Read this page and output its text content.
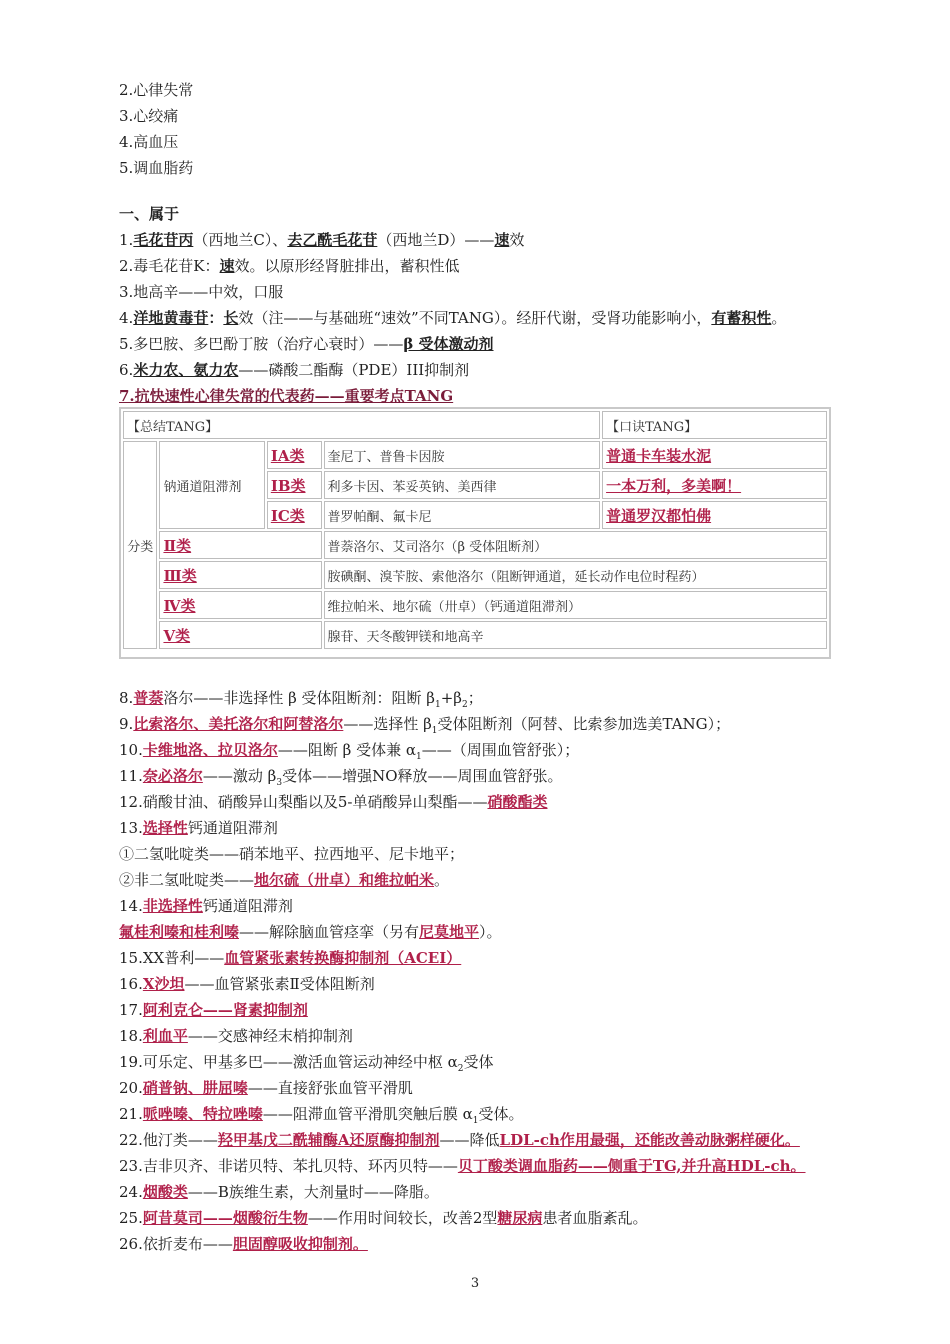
2.心律失常
3.心绞痛
4.高血压
5.调血脂药
一、属于
1.毛花苷丙（西地兰C）、去乙酰毛花苷（西地兰D）——速效
2.毒毛花苷K：速效。以原形经肾脏排出，蓄积性低
3.地高辛——中效，口服
4.洋地黄毒苷：长效（注——与基础班“速效”不同TANG）。经肝代谢，受肾功能影响小，有蓄积性。
5.多巴胺、多巴酚丁胺（治疗心衰时）——β 受体激动剂
6.米力农、氨力农——磷酸二酯酶（PDE）III抑制剂
7.抗快速性心律失常的代表药——重要考点TANG
【总结TANG】				【口诀TANG】
分类	钠通道阻滞剂	ⅠA类	奎尼丁、普鲁卡因胺	普通卡车装水泥
		ⅠB类	利多卡因、苯妥英钠、美西律	一本万利，多美啊！
		ⅠC类	普罗帕酮、氟卡尼	普通罗汉都怕佛
	Ⅱ类		普萘洛尔、艾司洛尔（β 受体阻断剂）	
	Ⅲ类		胺碘酮、溴苄胺、索他洛尔（阻断钾通道，延长动作电位时程药）	
	Ⅳ类		维拉帕米、地尔硫（卅卓）（钙通道阻滞剂）	
	Ⅴ类		腺苷、天冬酸钾镁和地高辛	
8.普萘洛尔——非选择性 β 受体阻断剂：阻断 $\beta_1+\beta_2$；
9.比索洛尔、美托洛尔和阿替洛尔——选择性 $\beta_1$受体阻断剂（阿替、比索参加选美TANG）；
10.卡维地洛、拉贝洛尔——阻断 β 受体兼 $\alpha_1——$（周围血管舒张）；
11.奈必洛尔——激动 $\beta_3$受体——增强NO释放——周围血管舒张。
12.硝酸甘油、硝酸异山梨酯以及5-单硝酸异山梨酯——硝酸酯类
13.选择性钙通道阻滞剂
①二氢吡啶类——硝苯地平、拉西地平、尼卡地平；
②非二氢吡啶类——地尔硫（卅卓）和维拉帕米。
14.非选择性钙通道阻滞剂
氟桂利嗪和桂利嗪——解除脑血管痉挛（另有尼莫地平）。
15.XX普利——血管紧张素转换酶抑制剂（ACEI）
16.X沙坦——血管紧张素Ⅱ受体阻断剂
17.阿利克仑——肾素抑制剂
18.利血平——交感神经末梢抑制剂
19.可乐定、甲基多巴——激活血管运动神经中枢 $\alpha_2$受体
20.硝普钠、肼屈嗪——直接舒张血管平滑肌
21.哌唑嗪、特拉唑嗪——阻滞血管平滑肌突触后膜 $\alpha_1$受体。
22.他汀类——羟甲基戊二酰辅酶A还原酶抑制剂——降低LDL-ch作用最强，还能改善动脉粥样硬化。
23.吉非贝齐、非诺贝特、苯扎贝特、环丙贝特——贝丁酸类调血脂药——侧重于TG,并升高HDL-ch。
24.烟酸类——B族维生素，大剂量时——降脂。
25.阿昔莫司——烟酸衍生物——作用时间较长，改善2型糖尿病患者血脂紊乱。
26.依折麦布——胆固醇吸收抑制剂。
3
